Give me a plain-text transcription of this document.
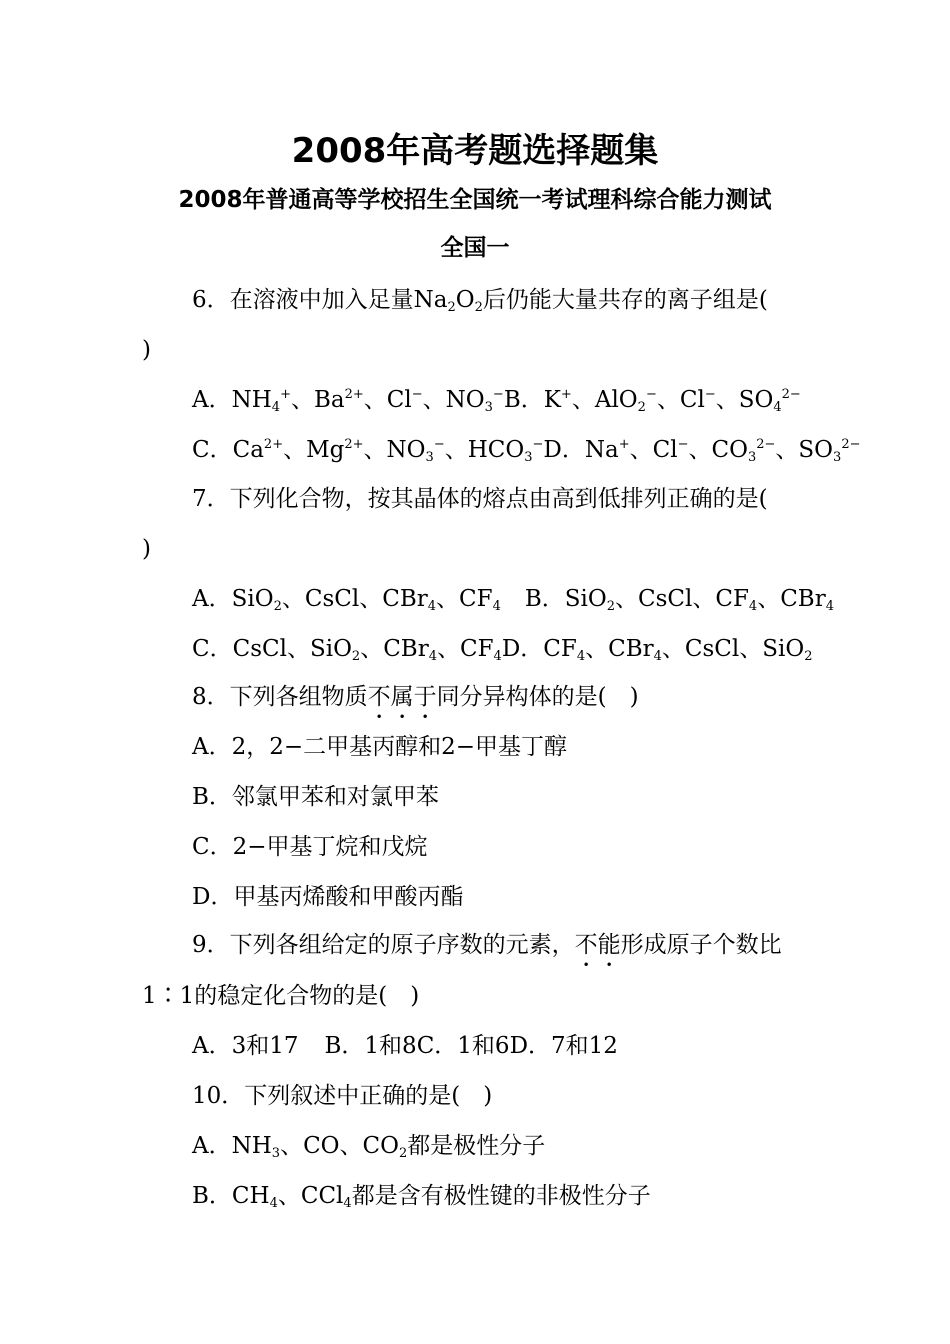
2008年高考题选择题集
2008年普通高等学校招生全国统一考试理科综合能力测试
全国一
6．在溶液中加入足量$Na_2O_2$后仍能大量共存的离子组是(
)
A．$NH_4^+$、$Ba^{2+}$、Cl−、$NO_3^-B$．K+、AlO$_2$−、Cl−、$SO_4^{2-}$
C．$Ca^{2+}$、$Mg^{2+}$、$NO_3^-$、$HCO_3^-D$．Na+、Cl−、$CO_3^{2-}$、$SO_3^{2-}$
7．下列化合物，按其晶体的熔点由高到低排列正确的是(
)
A．SiO$_2$、CsCl、CBr$_4$、$CF_4$ B．SiO$_2$、CsCl、$CF_4$、CBr$_4$
C．CsCl、SiO$_2$、CBr$_4$、$CF_4D$．$CF_4$、CBr$_4$、CsCl、SiO$_2$
8．下列各组物质不属于同分异构体的是(　)
A．2，2−二甲基丙醇和2−甲基丁醇
B．邻氯甲苯和对氯甲苯
C．2−甲基丁烷和戊烷
D．甲基丙烯酸和甲酸丙酯
9．下列各组给定的原子序数的元素，不能形成原子个数比
1∶1的稳定化合物的是(　)
A．3和17 B．1和8C．1和6D．7和12
10．下列叙述中正确的是(　)
A．$NH_3$、CO、$CO_2$都是极性分子
B．$CH_4$、CCl$_4$都是含有极性键的非极性分子
